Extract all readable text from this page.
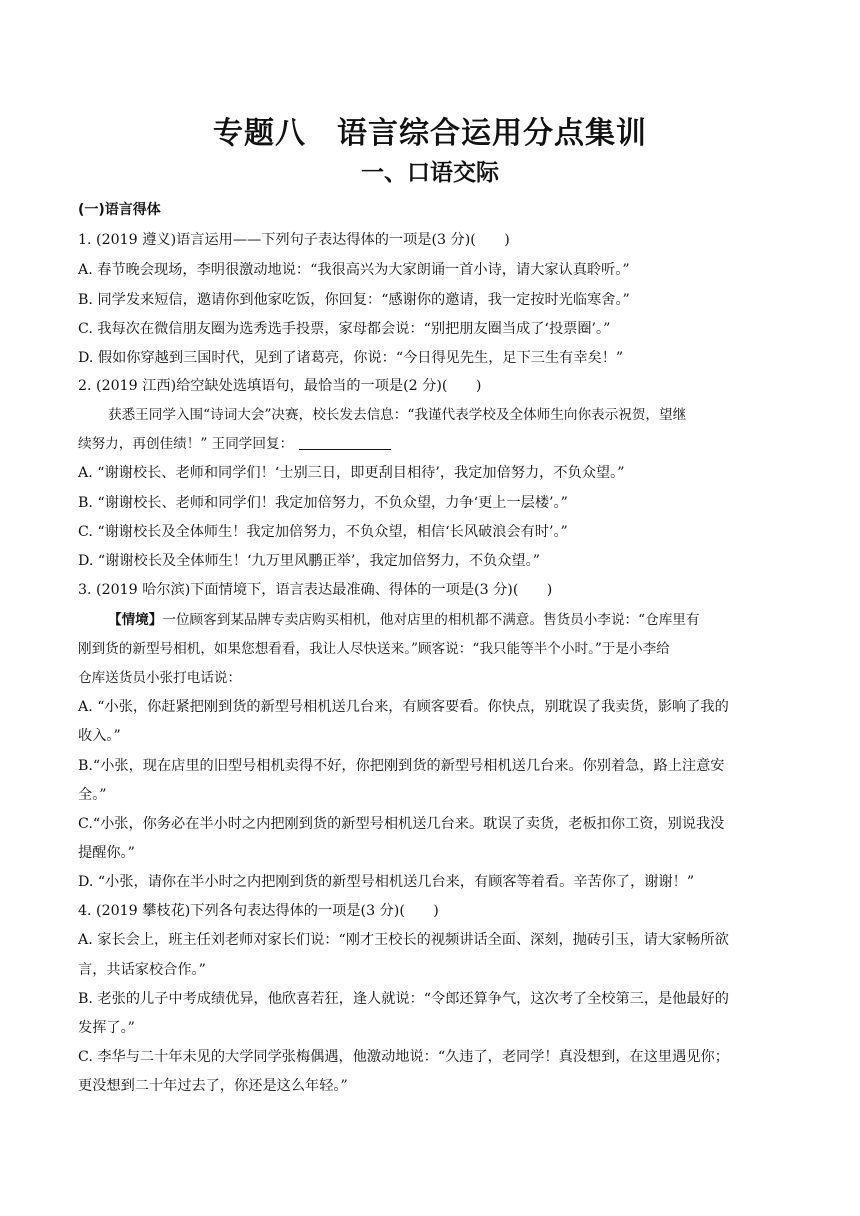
专题八　语言综合运用分点集训
一、口语交际
(一)语言得体
1. (2019 遵义)语言运用——下列句子表达得体的一项是(3 分)(　　)
A. 春节晚会现场，李明很激动地说：“我很高兴为大家朗诵一首小诗，请大家认真聆听。”
B. 同学发来短信，邀请你到他家吃饭，你回复：“感谢你的邀请，我一定按时光临寒舍。”
C. 我每次在微信朋友圈为选秀选手投票，家母都会说：“别把朋友圈当成了‘投票圈’。”
D. 假如你穿越到三国时代，见到了诸葛亮，你说：“今日得见先生，足下三生有幸矣！”
2. (2019 江西)给空缺处选填语句，最恰当的一项是(2 分)(　　)
获悉王同学入围“诗词大会”决赛，校长发去信息：“我谨代表学校及全体师生向你表示祝贺，望继
续努力，再创佳绩！” 王同学回复：
A. “谢谢校长、老师和同学们！‘士别三日，即更刮目相待’，我定加倍努力，不负众望。”
B. “谢谢校长、老师和同学们！我定加倍努力，不负众望，力争‘更上一层楼’。”
C. “谢谢校长及全体师生！我定加倍努力，不负众望，相信‘长风破浪会有时’。”
D. “谢谢校长及全体师生！‘九万里风鹏正举’，我定加倍努力，不负众望。”
3. (2019 哈尔滨)下面情境下，语言表达最准确、得体的一项是(3 分)(　　)
【情境】一位顾客到某品牌专卖店购买相机，他对店里的相机都不满意。售货员小李说：“仓库里有
刚到货的新型号相机，如果您想看看，我让人尽快送来。”顾客说：“我只能等半个小时。”于是小李给
仓库送货员小张打电话说：
A. “小张，你赶紧把刚到货的新型号相机送几台来，有顾客要看。你快点，别耽误了我卖货，影响了我的
收入。”
B.“小张，现在店里的旧型号相机卖得不好，你把刚到货的新型号相机送几台来。你别着急，路上注意安
全。”
C.“小张，你务必在半小时之内把刚到货的新型号相机送几台来。耽误了卖货，老板扣你工资，别说我没
提醒你。”
D. “小张，请你在半小时之内把刚到货的新型号相机送几台来，有顾客等着看。辛苦你了，谢谢！”
4. (2019 攀枝花)下列各句表达得体的一项是(3 分)(　　)
A. 家长会上，班主任刘老师对家长们说：“刚才王校长的视频讲话全面、深刻，抛砖引玉，请大家畅所欲
言，共话家校合作。”
B. 老张的儿子中考成绩优异，他欣喜若狂，逢人就说：“令郎还算争气，这次考了全校第三，是他最好的
发挥了。”
C. 李华与二十年未见的大学同学张梅偶遇，他激动地说：“久违了，老同学！真没想到，在这里遇见你；
更没想到二十年过去了，你还是这么年轻。”
